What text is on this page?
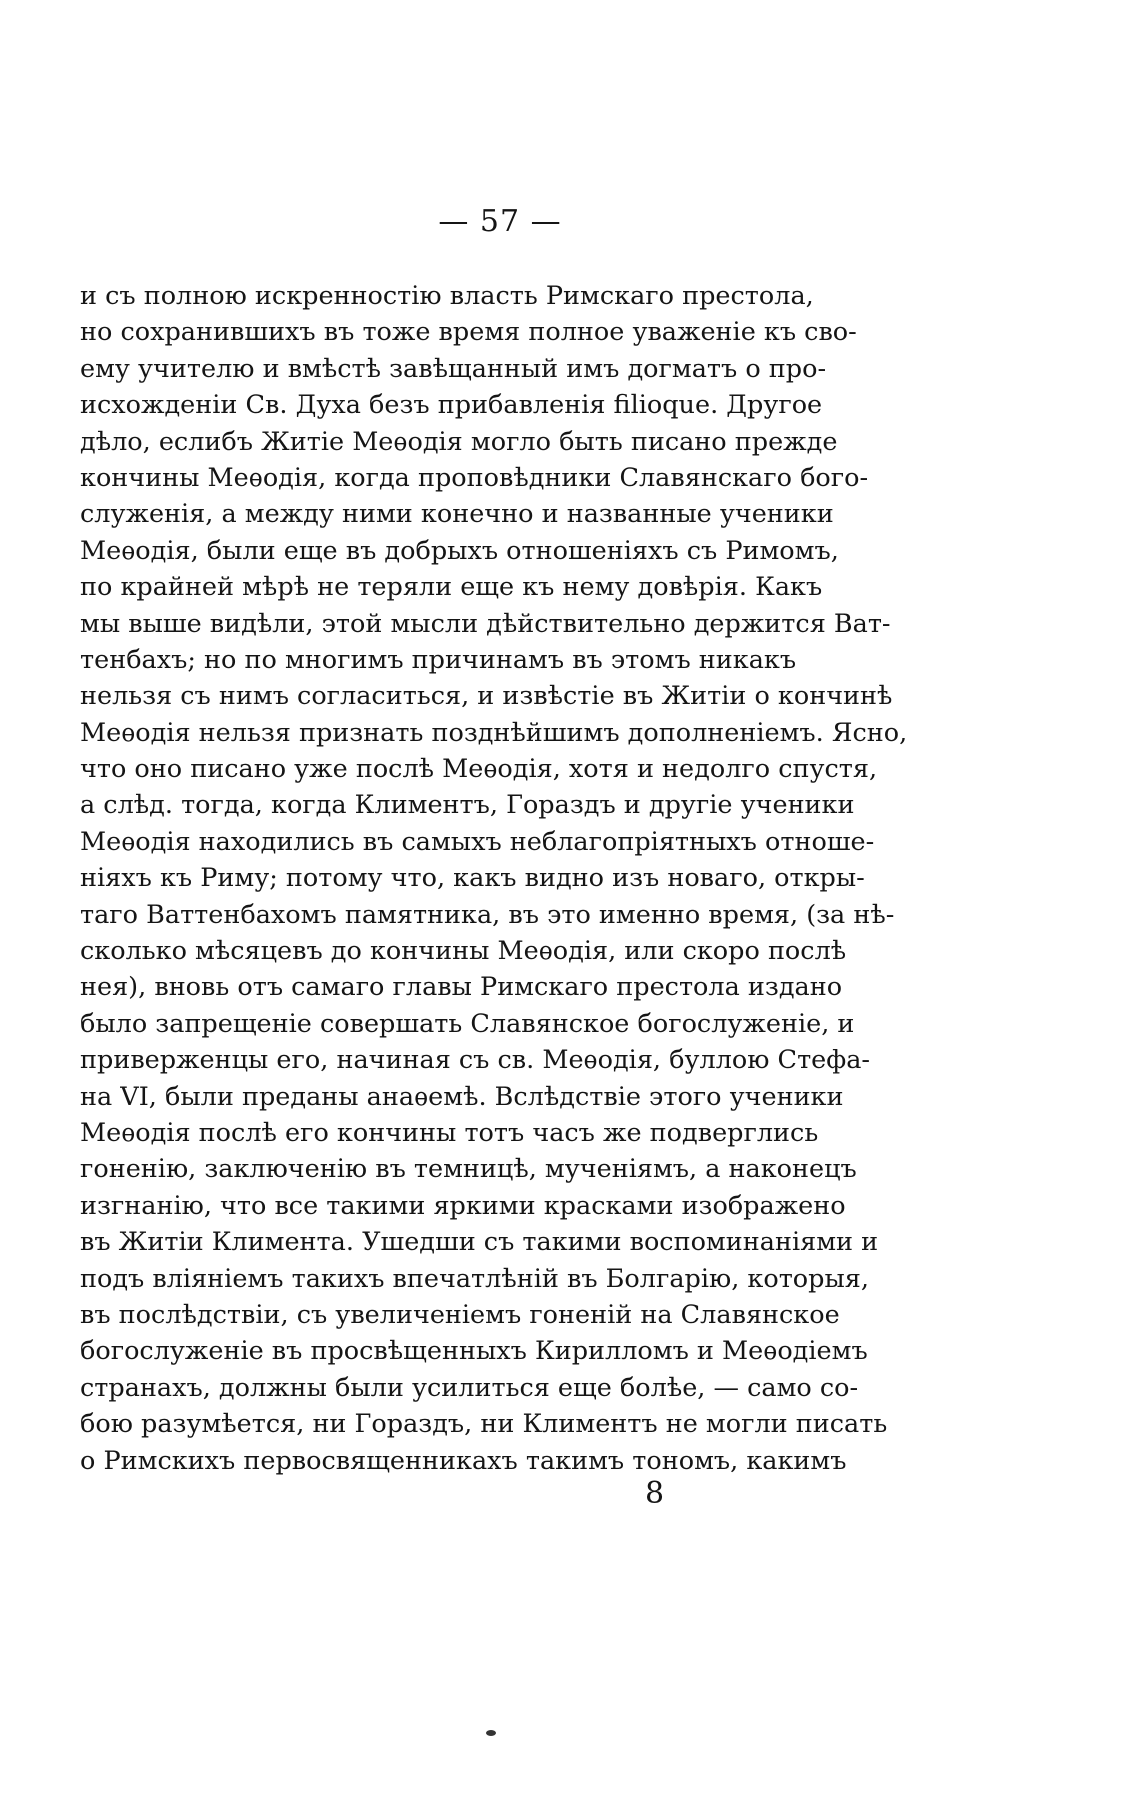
— 57 —
и съ полною искренностію власть Римскаго престола,
но сохранившихъ въ тоже время полное уваженіе къ сво-
ему учителю и вмѣстѣ завѣщанный имъ догматъ о про-
исхожденіи Св. Духа безъ прибавленія filioque. Другое
дѣло, еслибъ Житіе Меѳодія могло быть писано прежде
кончины Меѳодія, когда проповѣдники Славянскаго бого-
служенія, а между ними конечно и названные ученики
Меѳодія, были еще въ добрыхъ отношеніяхъ съ Римомъ,
по крайней мѣрѣ не теряли еще къ нему довѣрія. Какъ
мы выше видѣли, этой мысли дѣйствительно держится Ват-
тенбахъ; но по многимъ причинамъ въ этомъ никакъ
нельзя съ нимъ согласиться, и извѣстіе въ Житіи о кончинѣ
Меѳодія нельзя признать позднѣйшимъ дополненіемъ. Ясно,
что оно писано уже послѣ Меѳодія, хотя и недолго спустя,
а слѣд. тогда, когда Климентъ, Гораздъ и другіе ученики
Меѳодія находились въ самыхъ неблагопріятныхъ отноше-
ніяхъ къ Риму; потому что, какъ видно изъ новаго, откры-
таго Ваттенбахомъ памятника, въ это именно время, (за нѣ-
сколько мѣсяцевъ до кончины Меѳодія, или скоро послѣ
нея), вновь отъ самаго главы Римскаго престола издано
было запрещеніе совершать Славянское богослуженіе, и
приверженцы его, начиная съ св. Меѳодія, буллою Стефа-
на VI, были преданы анаѳемѣ. Вслѣдствіе этого ученики
Меѳодія послѣ его кончины тотъ часъ же подверглись
гоненію, заключенію въ темницѣ, мученіямъ, а наконецъ
изгнанію, что все такими яркими красками изображено
въ Житіи Климента. Ушедши съ такими воспоминаніями и
подъ вліяніемъ такихъ впечатлѣній въ Болгарію, которыя,
въ послѣдствіи, съ увеличеніемъ гоненій на Славянское
богослуженіе въ просвѣщенныхъ Кирилломъ и Меѳодіемъ
странахъ, должны были усилиться еще болѣе, — само со-
бою разумѣется, ни Гораздъ, ни Климентъ не могли писать
о Римскихъ первосвященникахъ такимъ тономъ, какимъ
8
